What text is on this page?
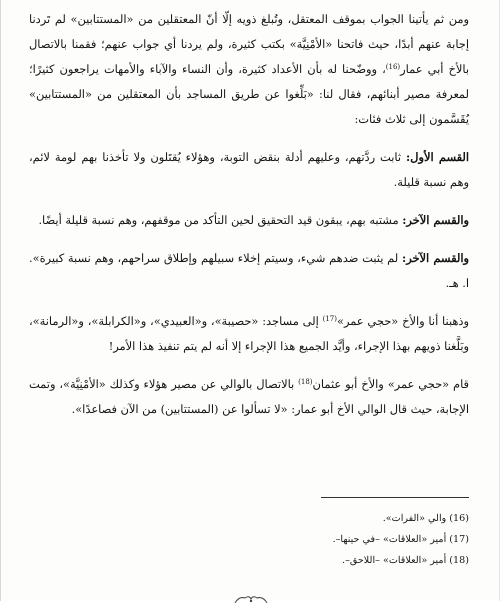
ومن ثم يأتينا الجواب بموقف المعتقل، وتُبلغ ذويه إلّا أنّ المعتقلين من «المستتابين» لم تَردنا إجابة عنهم أبدًا، حيث فاتحنا «الأمْنِيَّة» بكتب كثيرة، ولم يردنا أي جواب عنهم؛ فقمنا بالاتصال بالأخ أبي عمار$^{(16)}$، ووضّحنا له بأن الأعداد كثيرة، وأن النساء والآباء والأمهات يراجعون كثيرًا؛ لمعرفة مصير أبنائهم، فقال لنا: «بَلِّغوا عن طريق المساجد بأن المعتقلين من «المستتابين» يُقَسَّمون إلى ثلاث فئات:

القسم الأول: ثابت ردَّتهم، وعليهم أدلة بنقض التوبة، وهؤلاء يُقتَلون ولا تأخذنا بهم لومة لائم، وهم نسبة قليلة.

والقسم الآخر: مشتبه بهم، يبقون قيد التحقيق لحين التأكد من موقفهم، وهم نسبة قليلة أيضًا.

والقسم الآخر: لم يثبت ضدهم شيء، وسيتم إخلاء سبيلهم وإطلاق سراحهم، وهم نسبة كبيرة». ا. هـ.

وذهبنا أنا والأخ «حجي عمر»$^{(17)}$ إلى مساجد: «حصيبة»، و«العبيدي»، و«الكرابلة»، و«الرمانة»، وبَلَّغنا ذويهم بهذا الإجراء، وأيَّد الجميع هذا الإجراء إلا أنه لم يتم تنفيذ هذا الأمر!

قام «حجي عمر» والأخ أبو عثمان$^{(18)}$ بالاتصال بالوالي عن مصير هؤلاء وكذلك «الأمْنِيَّة»، وتمت الإجابة، حيث قال الوالي الأخ أبو عمار: «لا تسألوا عن (المستتابين) من الآن فصاعدًا».

(16) والي «الفرات».
(17) أمير «العلاقات» –في حينها–.
(18) أمير «العلاقات» –اللاحق–.
